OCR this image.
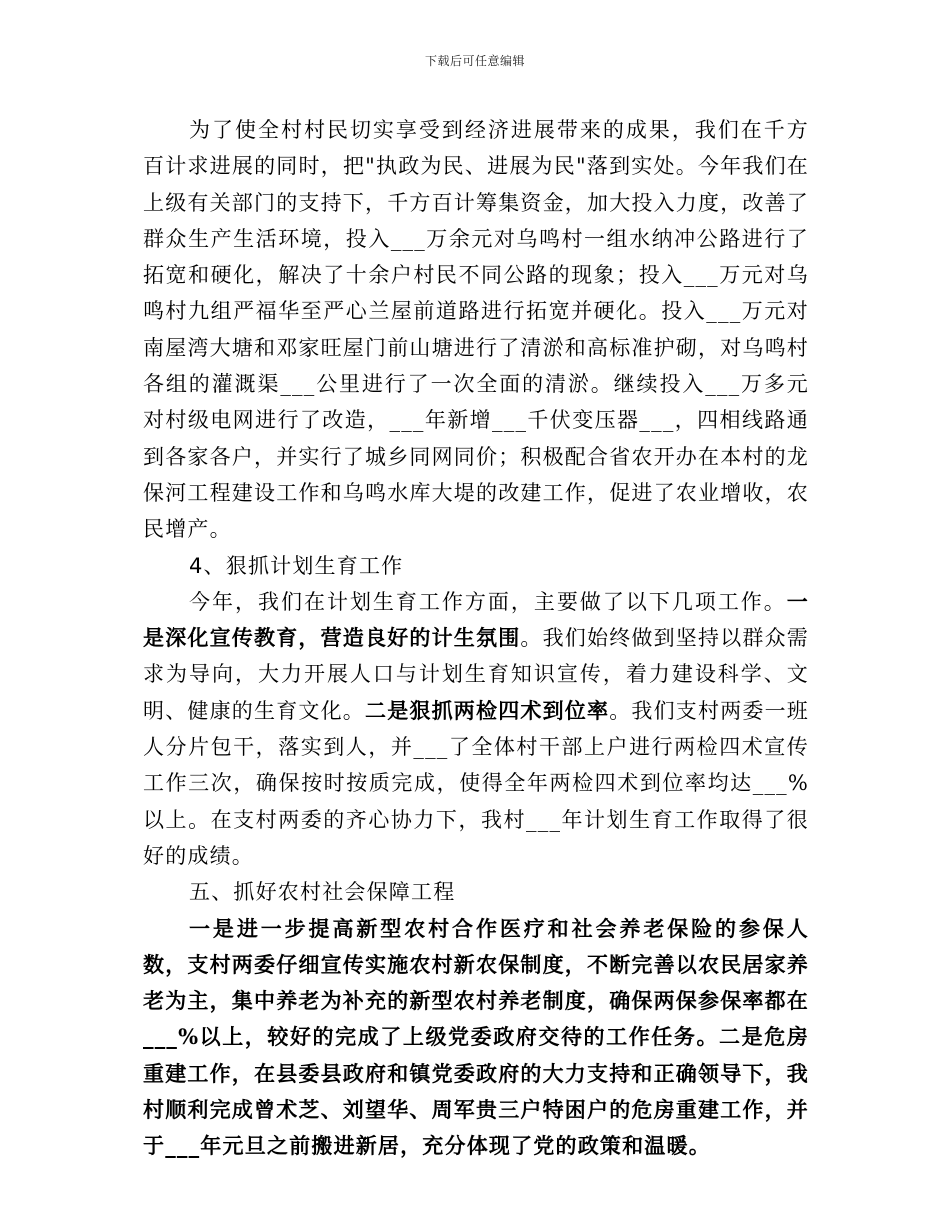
下载后可任意编辑

为了使全村村民切实享受到经济进展带来的成果，我们在千方百计求进展的同时，把"执政为民、进展为民"落到实处。今年我们在上级有关部门的支持下，千方百计筹集资金，加大投入力度，改善了群众生产生活环境，投入___万余元对乌鸣村一组水纳冲公路进行了拓宽和硬化，解决了十余户村民不同公路的现象；投入___万元对乌鸣村九组严福华至严心兰屋前道路进行拓宽并硬化。投入___万元对南屋湾大塘和邓家旺屋门前山塘进行了清淤和高标准护砌，对乌鸣村各组的灌溉渠___公里进行了一次全面的清淤。继续投入___万多元对村级电网进行了改造，___年新增___千伏变压器___，四相线路通到各家各户，并实行了城乡同网同价；积极配合省农开办在本村的龙保河工程建设工作和乌鸣水库大堤的改建工作，促进了农业增收，农民增产。

4、狠抓计划生育工作

今年，我们在计划生育工作方面，主要做了以下几项工作。一是深化宣传教育，营造良好的计生氛围。我们始终做到坚持以群众需求为导向，大力开展人口与计划生育知识宣传，着力建设科学、文明、健康的生育文化。二是狠抓两检四术到位率。我们支村两委一班人分片包干，落实到人，并___了全体村干部上户进行两检四术宣传工作三次，确保按时按质完成，使得全年两检四术到位率均达___%以上。在支村两委的齐心协力下，我村___年计划生育工作取得了很好的成绩。

五、抓好农村社会保障工程

一是进一步提高新型农村合作医疗和社会养老保险的参保人数，支村两委仔细宣传实施农村新农保制度，不断完善以农民居家养老为主，集中养老为补充的新型农村养老制度，确保两保参保率都在___%以上，较好的完成了上级党委政府交待的工作任务。二是危房重建工作，在县委县政府和镇党委政府的大力支持和正确领导下，我村顺利完成曾术芝、刘望华、周军贵三户特困户的危房重建工作，并于___年元旦之前搬进新居，充分体现了党的政策和温暖。
